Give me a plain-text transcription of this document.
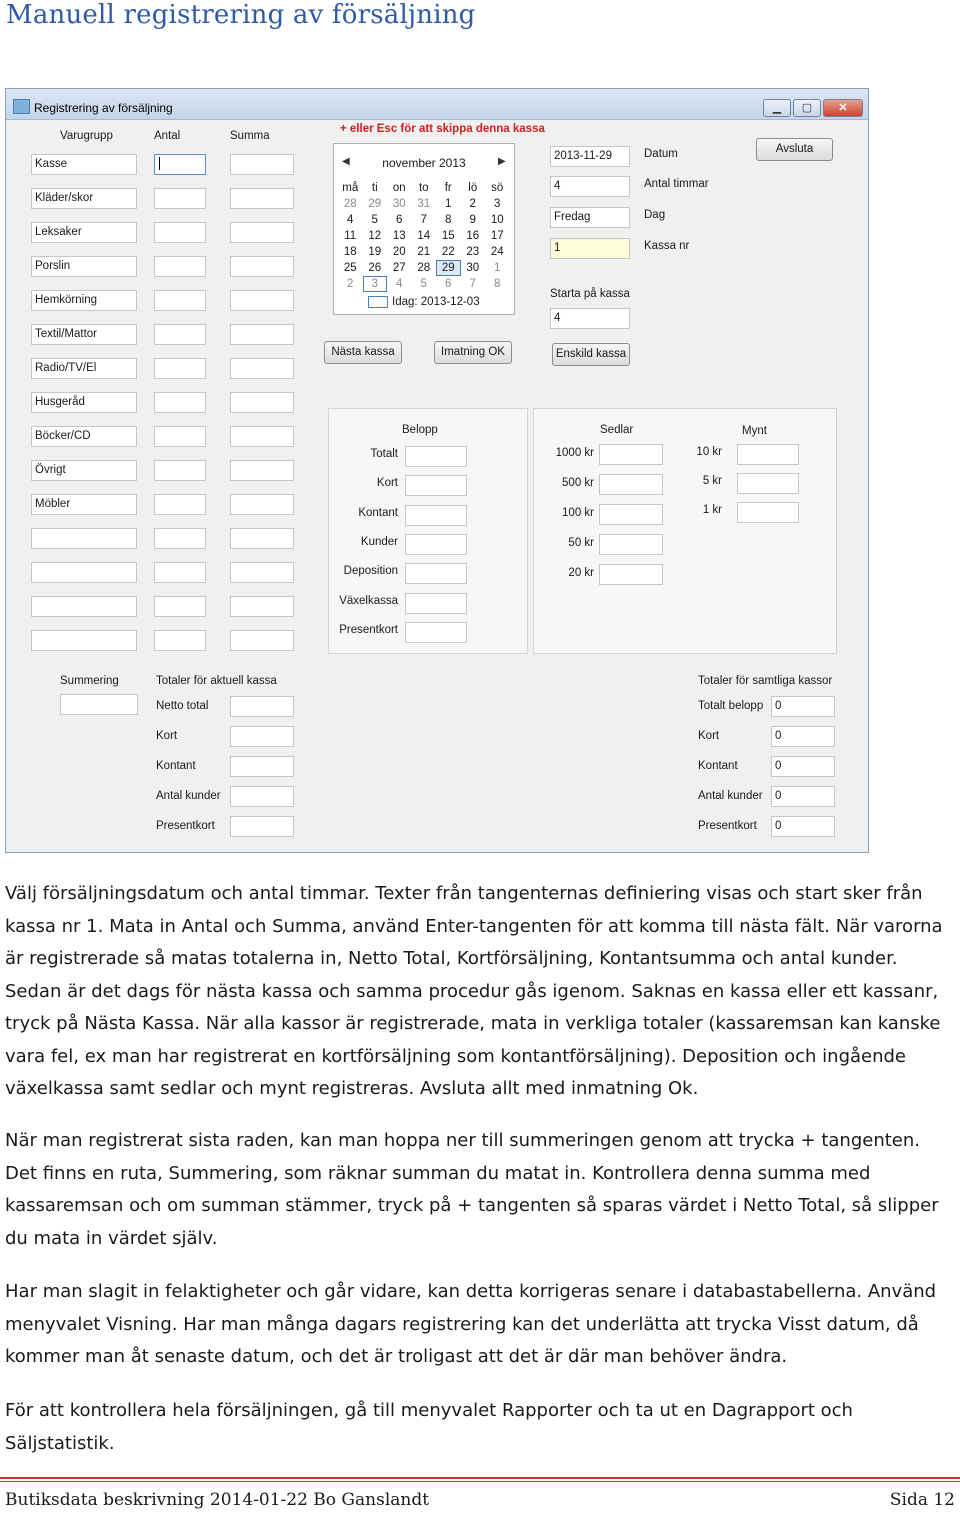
Manuell registrering av försäljning
Registrering av försäljning	▁	▢	✕
Varugrupp	Antal	Summa
Kasse
Kläder/skor
Leksaker
Porslin
Hemkörning
Textil/Mattor
Radio/TV/El
Husgeråd
Böcker/CD
Övrigt
Möbler
+ eller Esc för att skippa denna kassa
◀	november 2013	▶
må	ti	on	to	fr	lö	sö
28	29	30	31	1	2	3
4	5	6	7	8	9	10
11	12	13	14	15	16	17
18	19	20	21	22	23	24
25	26	27	28	29	30	1
2	3	4	5	6	7	8
Idag: 2013-12-03
2013-11-29	Datum
4	Antal timmar
Fredag	Dag
1	Kassa nr
Starta på kassa
4
Avsluta
Nästa kassa	Imatning OK	Enskild kassa
Belopp
Totalt
Kort
Kontant
Kunder
Deposition
Växelkassa
Presentkort
Sedlar	Mynt
1000 kr
500 kr
100 kr
50 kr
20 kr
10 kr
5 kr
1 kr
Summering	Totaler för aktuell kassa
Netto total
Kort
Kontant
Antal kunder
Presentkort
Totaler för samtliga kassor
Totalt belopp	0
Kort	0
Kontant	0
Antal kunder	0
Presentkort	0
Välj försäljningsdatum och antal timmar. Texter från tangenternas definiering visas och start sker från kassa nr 1. Mata in Antal och Summa, använd Enter-tangenten för att komma till nästa fält. När varorna är registrerade så matas totalerna in, Netto Total, Kortförsäljning, Kontantsumma och antal kunder. Sedan är det dags för nästa kassa och samma procedur gås igenom. Saknas en kassa eller ett kassanr, tryck på Nästa Kassa. När alla kassor är registrerade, mata in verkliga totaler (kassaremsan kan kanske vara fel, ex man har registrerat en kortförsäljning som kontantförsäljning). Deposition och ingående växelkassa samt sedlar och mynt registreras. Avsluta allt med inmatning Ok.
När man registrerat sista raden, kan man hoppa ner till summeringen genom att trycka + tangenten. Det finns en ruta, Summering, som räknar summan du matat in. Kontrollera denna summa med kassaremsan och om summan stämmer, tryck på + tangenten så sparas värdet i Netto Total, så slipper du mata in värdet själv.
Har man slagit in felaktigheter och går vidare, kan detta korrigeras senare i databastabellerna. Använd menyvalet Visning. Har man många dagars registrering kan det underlätta att trycka Visst datum, då kommer man åt senaste datum, och det är troligast att det är där man behöver ändra.
För att kontrollera hela försäljningen, gå till menyvalet Rapporter och ta ut en Dagrapport och Säljstatistik.
Butiksdata beskrivning 2014-01-22 Bo Ganslandt	Sida 12
